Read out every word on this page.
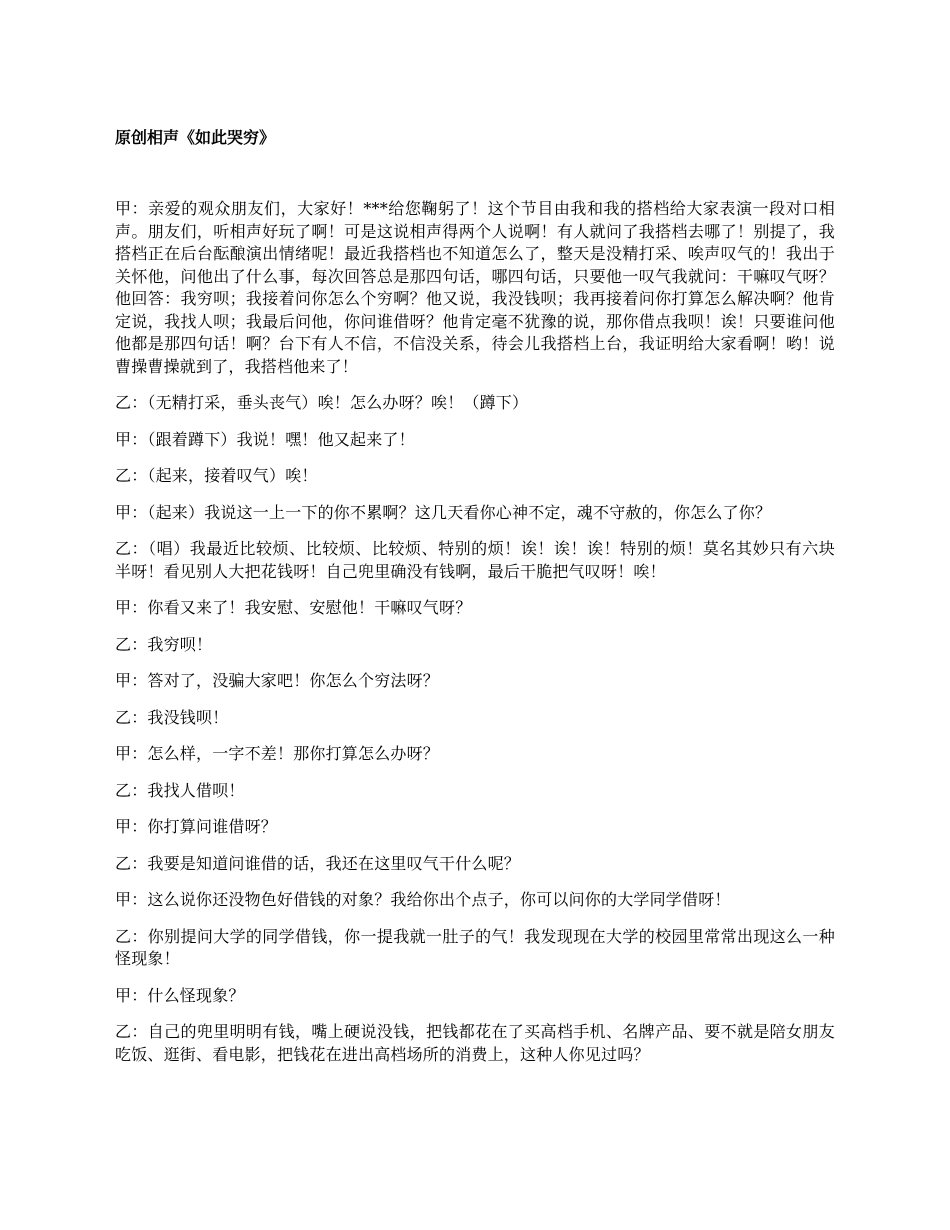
原创相声《如此哭穷》

甲：亲爱的观众朋友们，大家好！***给您鞠躬了！这个节目由我和我的搭档给大家表演一段对口相声。朋友们，听相声好玩了啊！可是这说相声得两个人说啊！有人就问了我搭档去哪了！别提了，我搭档正在后台酝酿演出情绪呢！最近我搭档也不知道怎么了，整天是没精打采、唉声叹气的！我出于关怀他，问他出了什么事，每次回答总是那四句话，哪四句话，只要他一叹气我就问：干嘛叹气呀？他回答：我穷呗；我接着问你怎么个穷啊？他又说，我没钱呗；我再接着问你打算怎么解决啊？他肯定说，我找人呗；我最后问他，你问谁借呀？他肯定毫不犹豫的说，那你借点我呗！诶！只要谁问他他都是那四句话！啊？台下有人不信，不信没关系，待会儿我搭档上台，我证明给大家看啊！哟！说曹操曹操就到了，我搭档他来了！

乙：（无精打采，垂头丧气）唉！怎么办呀？唉！（蹲下）

甲：（跟着蹲下）我说！嘿！他又起来了！

乙：（起来，接着叹气）唉！

甲：（起来）我说这一上一下的你不累啊？这几天看你心神不定，魂不守赦的，你怎么了你？

乙：（唱）我最近比较烦、比较烦、比较烦、特别的烦！诶！诶！诶！特别的烦！莫名其妙只有六块半呀！看见别人大把花钱呀！自己兜里确没有钱啊，最后干脆把气叹呀！唉！

甲：你看又来了！我安慰、安慰他！干嘛叹气呀？

乙：我穷呗！

甲：答对了，没骗大家吧！你怎么个穷法呀？

乙：我没钱呗！

甲：怎么样，一字不差！那你打算怎么办呀？

乙：我找人借呗！

甲：你打算问谁借呀？

乙：我要是知道问谁借的话，我还在这里叹气干什么呢？

甲：这么说你还没物色好借钱的对象？我给你出个点子，你可以问你的大学同学借呀！

乙：你别提问大学的同学借钱，你一提我就一肚子的气！我发现现在大学的校园里常常出现这么一种怪现象！

甲：什么怪现象？

乙：自己的兜里明明有钱，嘴上硬说没钱，把钱都花在了买高档手机、名牌产品、要不就是陪女朋友吃饭、逛街、看电影，把钱花在进出高档场所的消费上，这种人你见过吗？
